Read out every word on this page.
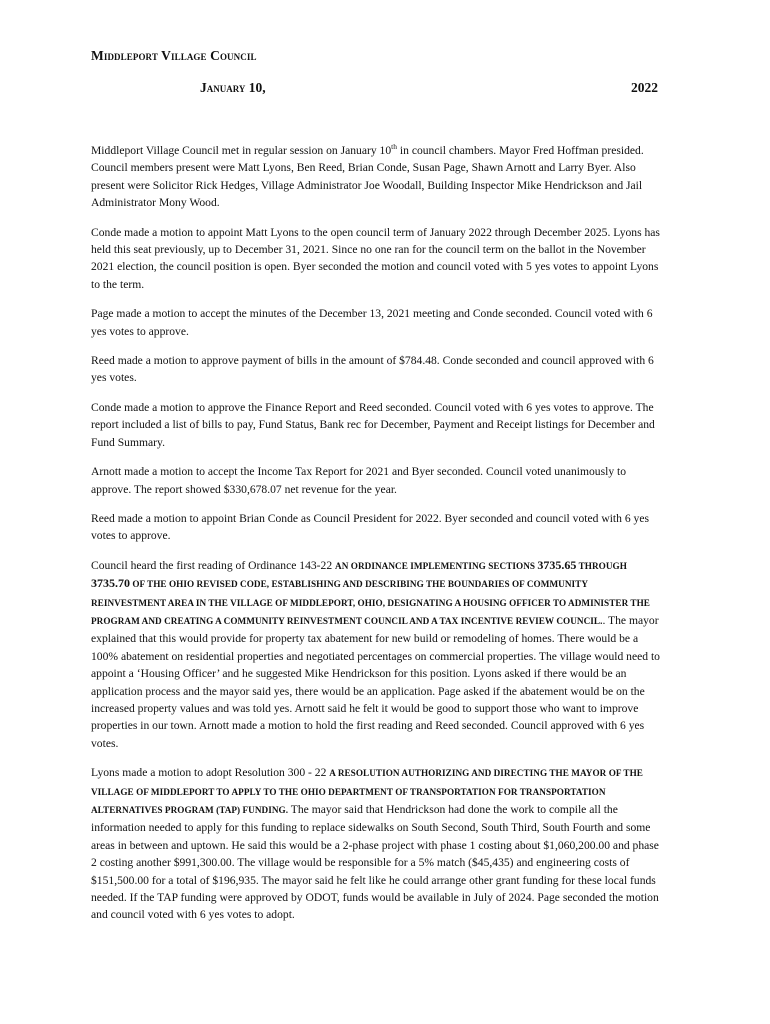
Middleport Village Council
January 10,	2022

Middleport Village Council met in regular session on January 10th in council chambers. Mayor Fred Hoffman presided. Council members present were Matt Lyons, Ben Reed, Brian Conde, Susan Page, Shawn Arnott and Larry Byer. Also present were Solicitor Rick Hedges, Village Administrator Joe Woodall, Building Inspector Mike Hendrickson and Jail Administrator Mony Wood.

Conde made a motion to appoint Matt Lyons to the open council term of January 2022 through December 2025. Lyons has held this seat previously, up to December 31, 2021. Since no one ran for the council term on the ballot in the November 2021 election, the council position is open. Byer seconded the motion and council voted with 5 yes votes to appoint Lyons to the term.

Page made a motion to accept the minutes of the December 13, 2021 meeting and Conde seconded. Council voted with 6 yes votes to approve.

Reed made a motion to approve payment of bills in the amount of $784.48. Conde seconded and council approved with 6 yes votes.

Conde made a motion to approve the Finance Report and Reed seconded. Council voted with 6 yes votes to approve. The report included a list of bills to pay, Fund Status, Bank rec for December, Payment and Receipt listings for December and Fund Summary.

Arnott made a motion to accept the Income Tax Report for 2021 and Byer seconded. Council voted unanimously to approve. The report showed $330,678.07 net revenue for the year.

Reed made a motion to appoint Brian Conde as Council President for 2022. Byer seconded and council voted with 6 yes votes to approve.

Council heard the first reading of Ordinance 143-22 AN ORDINANCE IMPLEMENTING SECTIONS 3735.65 THROUGH 3735.70 OF THE OHIO REVISED CODE, ESTABLISHING AND DESCRIBING THE BOUNDARIES OF COMMUNITY REINVESTMENT AREA IN THE VILLAGE OF MIDDLEPORT, OHIO, DESIGNATING A HOUSING OFFICER TO ADMINISTER THE PROGRAM AND CREATING A COMMUNITY REINVESTMENT COUNCIL AND A TAX INCENTIVE REVIEW COUNCIL.. The mayor explained that this would provide for property tax abatement for new build or remodeling of homes. There would be a 100% abatement on residential properties and negotiated percentages on commercial properties. The village would need to appoint a ‘Housing Officer’ and he suggested Mike Hendrickson for this position. Lyons asked if there would be an application process and the mayor said yes, there would be an application. Page asked if the abatement would be on the increased property values and was told yes. Arnott said he felt it would be good to support those who want to improve properties in our town. Arnott made a motion to hold the first reading and Reed seconded. Council approved with 6 yes votes.

Lyons made a motion to adopt Resolution 300 - 22 A RESOLUTION AUTHORIZING AND DIRECTING THE MAYOR OF THE VILLAGE OF MIDDLEPORT TO APPLY TO THE OHIO DEPARTMENT OF TRANSPORTATION FOR TRANSPORTATION ALTERNATIVES PROGRAM (TAP) FUNDING. The mayor said that Hendrickson had done the work to compile all the information needed to apply for this funding to replace sidewalks on South Second, South Third, South Fourth and some areas in between and uptown. He said this would be a 2-phase project with phase 1 costing about $1,060,200.00 and phase 2 costing another $991,300.00. The village would be responsible for a 5% match ($45,435) and engineering costs of $151,500.00 for a total of $196,935. The mayor said he felt like he could arrange other grant funding for these local funds needed. If the TAP funding were approved by ODOT, funds would be available in July of 2024. Page seconded the motion and council voted with 6 yes votes to adopt.
